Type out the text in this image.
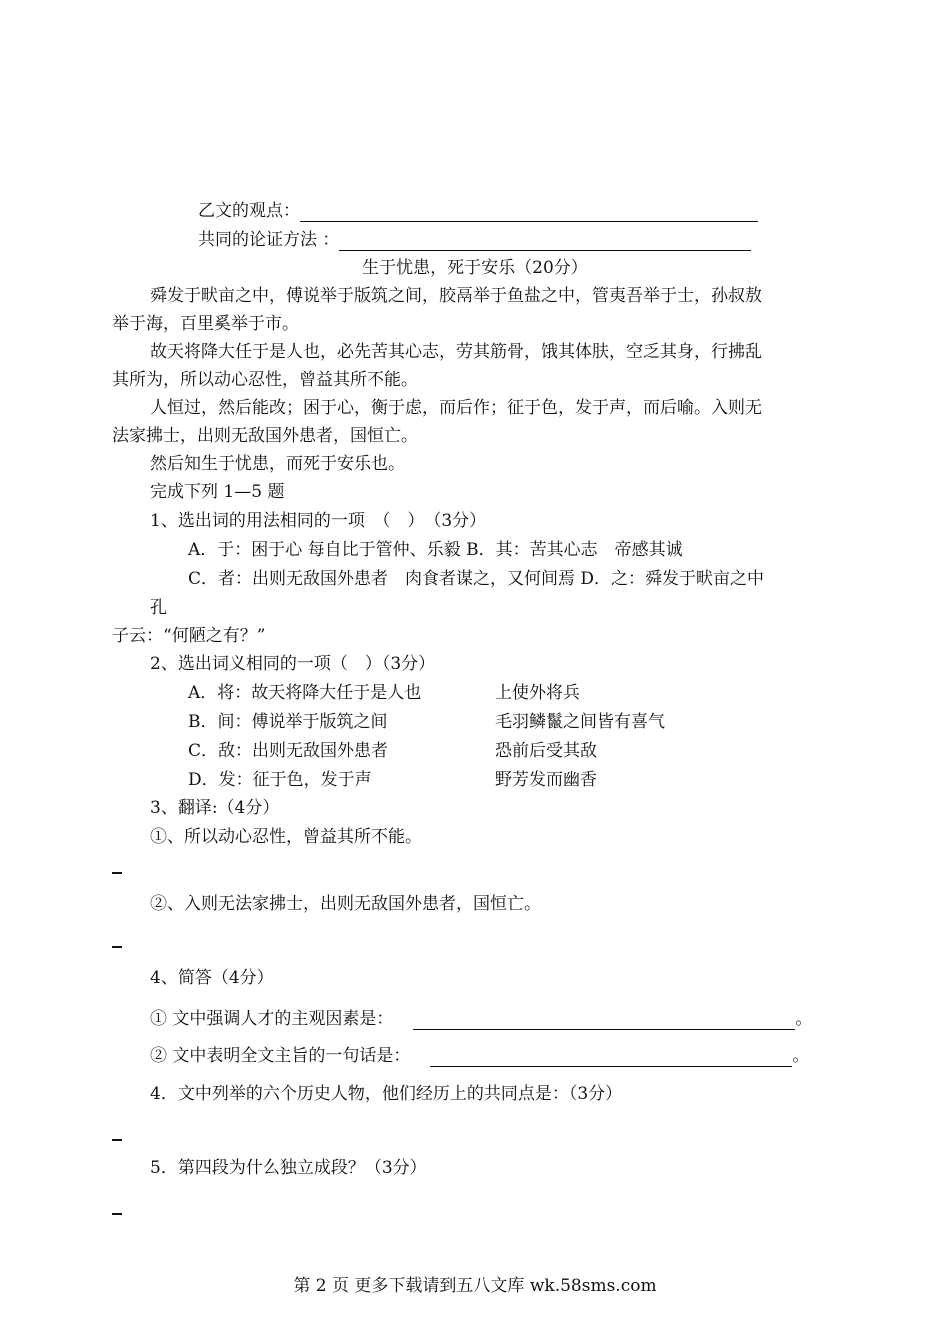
乙文的观点：
共同的论证方法 ：
生于忧患，死于安乐（20分）
舜发于畎亩之中，傅说举于版筑之间，胶鬲举于鱼盐之中，管夷吾举于士，孙叔敖
举于海，百里奚举于市。
故天将降大任于是人也，必先苦其心志，劳其筋骨，饿其体肤，空乏其身，行拂乱
其所为，所以动心忍性，曾益其所不能。
人恒过，然后能改；困于心，衡于虑，而后作；征于色，发于声，而后喻。入则无
法家拂士，出则无敌国外患者，国恒亡。
然后知生于忧患，而死于安乐也。
完成下列 1—5 题
1、选出词的用法相同的一项　（　）　（3分）
A．于：困于心 每自比于管仲、乐毅 B．其：苦其心志　帝感其诚
C．者：出则无敌国外患者　肉食者谋之，又何间焉 D．之：舜发于畎亩之中
孔
子云：“何陋之有？”
2、选出词义相同的一项（　）（3分）
A．将：故天将降大任于是人也	上使外将兵
B．间：傅说举于版筑之间	毛羽鳞鬣之间皆有喜气
C．敌：出则无敌国外患者	恐前后受其敌
D．发：征于色，发于声	野芳发而幽香
3、翻译:（4分）
①、所以动心忍性，曾益其所不能。
②、入则无法家拂士，出则无敌国外患者，国恒亡。
4、简答（4分）
① 文中强调人才的主观因素是：	。
② 文中表明全文主旨的一句话是：	。
4．文中列举的六个历史人物，他们经历上的共同点是：（3分）
5．第四段为什么独立成段？（3分）
第 2 页 更多下载请到五八文库 wk.58sms.com
